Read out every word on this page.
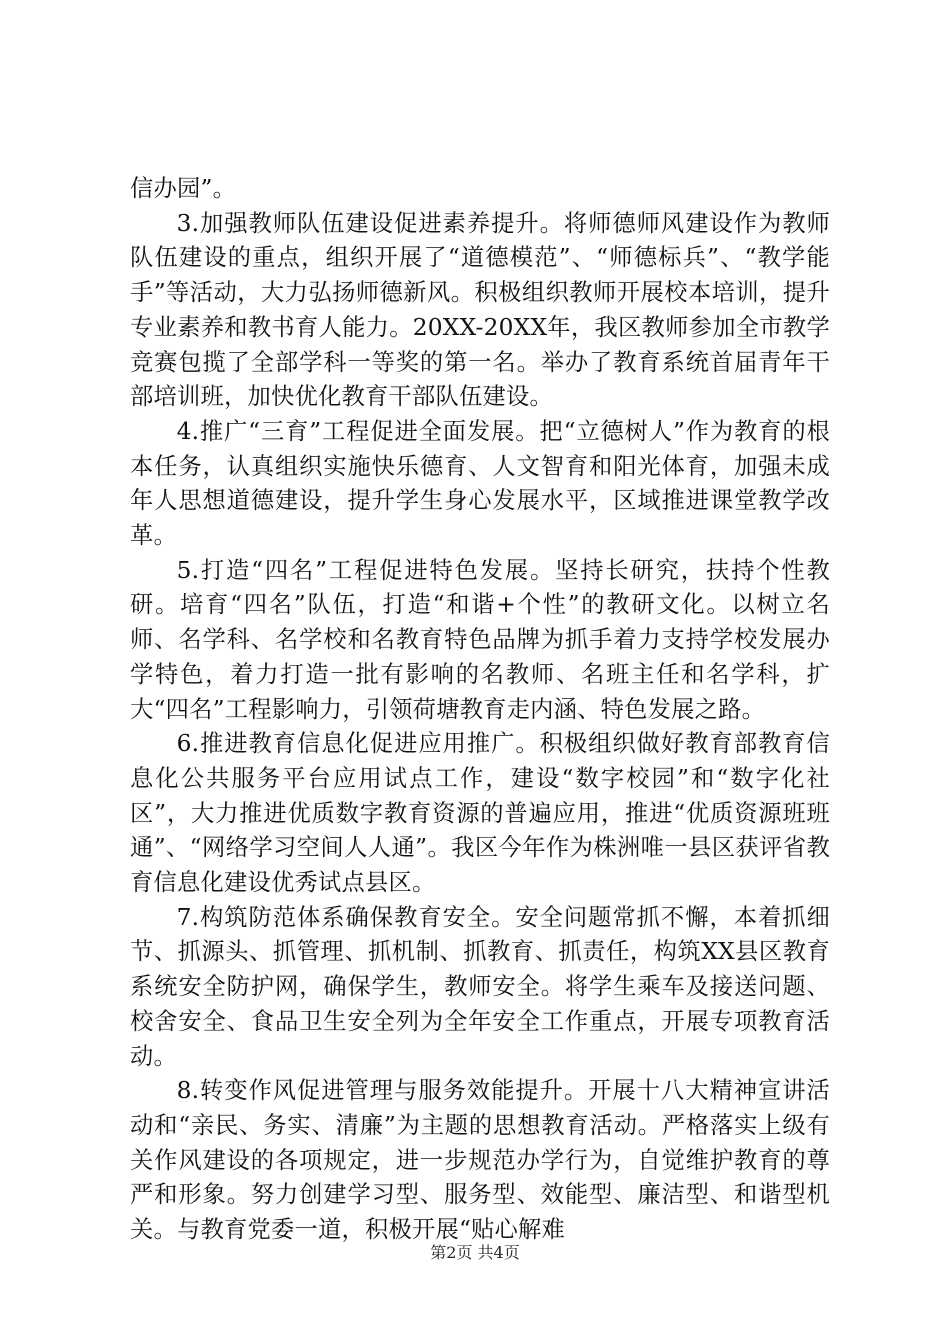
信办园”。

3.加强教师队伍建设促进素养提升。将师德师风建设作为教师队伍建设的重点，组织开展了“道德模范”、“师德标兵”、“教学能手”等活动，大力弘扬师德新风。积极组织教师开展校本培训，提升专业素养和教书育人能力。20XX-20XX年，我区教师参加全市教学竞赛包揽了全部学科一等奖的第一名。举办了教育系统首届青年干部培训班，加快优化教育干部队伍建设。

4.推广“三育”工程促进全面发展。把“立德树人”作为教育的根本任务，认真组织实施快乐德育、人文智育和阳光体育，加强未成年人思想道德建设，提升学生身心发展水平，区域推进课堂教学改革。

5.打造“四名”工程促进特色发展。坚持长研究，扶持个性教研。培育“四名”队伍，打造“和谐+个性”的教研文化。以树立名师、名学科、名学校和名教育特色品牌为抓手着力支持学校发展办学特色，着力打造一批有影响的名教师、名班主任和名学科，扩大“四名”工程影响力，引领荷塘教育走内涵、特色发展之路。

6.推进教育信息化促进应用推广。积极组织做好教育部教育信息化公共服务平台应用试点工作，建设“数字校园”和“数字化社区”，大力推进优质数字教育资源的普遍应用，推进“优质资源班班通”、“网络学习空间人人通”。我区今年作为株洲唯一县区获评省教育信息化建设优秀试点县区。

7.构筑防范体系确保教育安全。安全问题常抓不懈，本着抓细节、抓源头、抓管理、抓机制、抓教育、抓责任，构筑XX县区教育系统安全防护网，确保学生，教师安全。将学生乘车及接送问题、校舍安全、食品卫生安全列为全年安全工作重点，开展专项教育活动。

8.转变作风促进管理与服务效能提升。开展十八大精神宣讲活动和“亲民、务实、清廉”为主题的思想教育活动。严格落实上级有关作风建设的各项规定，进一步规范办学行为，自觉维护教育的尊严和形象。努力创建学习型、服务型、效能型、廉洁型、和谐型机关。与教育党委一道，积极开展“贴心解难

第2页 共4页
